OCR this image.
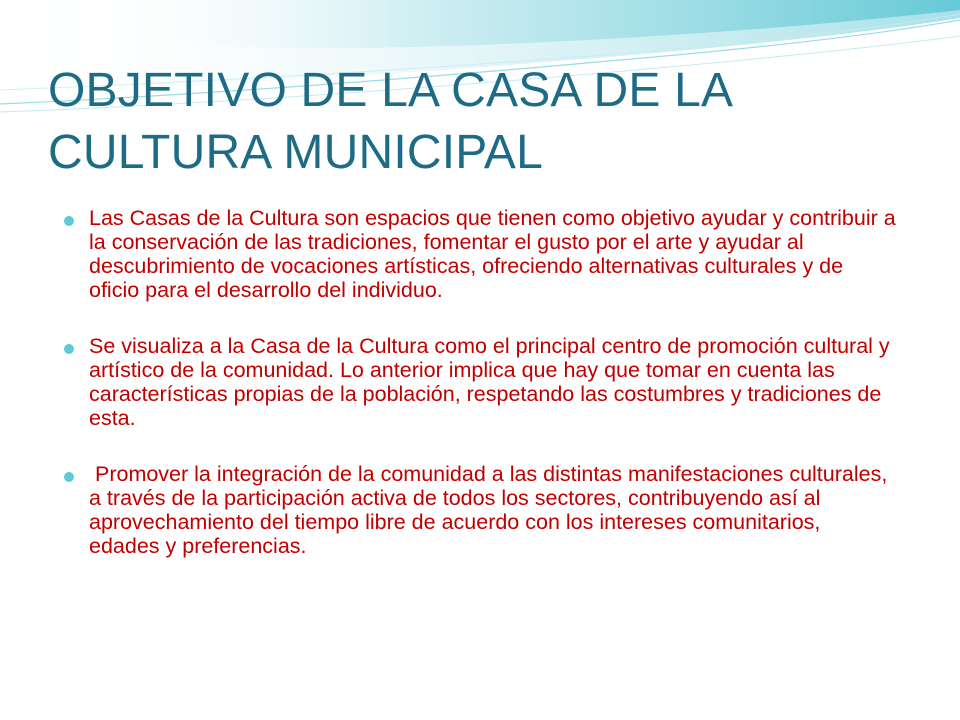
OBJETIVO DE LA CASA DE LA CULTURA MUNICIPAL
Las Casas de la Cultura son espacios que tienen como objetivo ayudar y contribuir a la conservación de las tradiciones, fomentar el gusto por el arte y ayudar al descubrimiento de vocaciones artísticas, ofreciendo alternativas culturales y de oficio para el desarrollo del individuo.
Se visualiza a la Casa de la Cultura como el principal centro de promoción cultural y artístico de la comunidad. Lo anterior implica que hay que tomar en cuenta las características propias de la población, respetando las costumbres y tradiciones de esta.
Promover la integración de la comunidad a las distintas manifestaciones culturales, a través de la participación activa de todos los sectores, contribuyendo así al aprovechamiento del tiempo libre de acuerdo con los intereses comunitarios, edades y preferencias.
